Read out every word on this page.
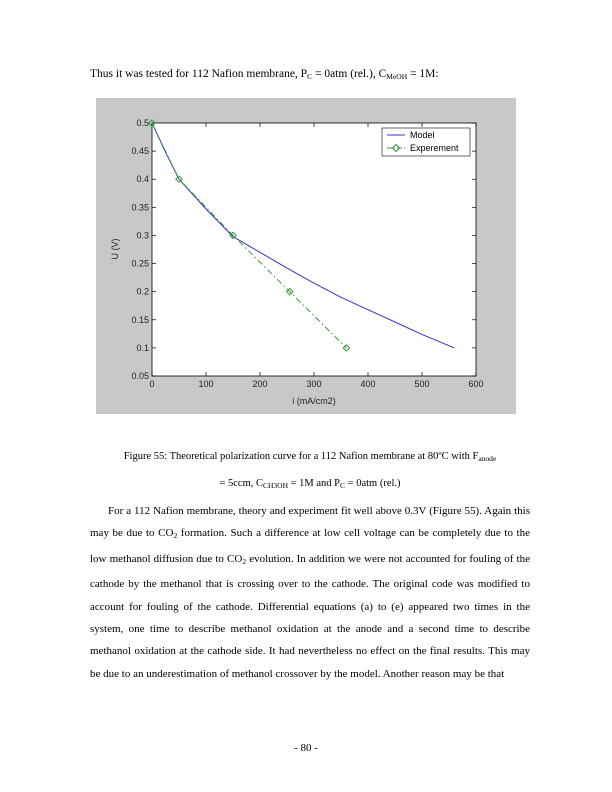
Thus it was tested for 112 Nafion membrane, $P_C = 0atm$ (rel.), $C_{MeOH} = 1M$:
0	100	200	300	400	500	600
0.05
0.1
0.15
0.2
0.25
0.3
0.35
0.4
0.45
0.5
i (mA/cm2)
U (V)
Model
Experement
Figure 55: Theoretical polarization curve for a 112 Nafion membrane at 80ºC with $F_{anode}$
= 5ccm, $C_{CH3OH} = 1M$ and $P_C = 0atm$ (rel.)

For a 112 Nafion membrane, theory and experiment fit well above 0.3V (Figure 55). Again this may be due to $CO_2$ formation. Such a difference at low cell voltage can be completely due to the low methanol diffusion due to $CO_2$ evolution. In addition we were not accounted for fouling of the cathode by the methanol that is crossing over to the cathode. The original code was modified to account for fouling of the cathode. Differential equations (a) to (e) appeared two times in the system, one time to describe methanol oxidation at the anode and a second time to describe methanol oxidation at the cathode side. It had nevertheless no effect on the final results. This may be due to an underestimation of methanol crossover by the model. Another reason may be that

- 80 -
